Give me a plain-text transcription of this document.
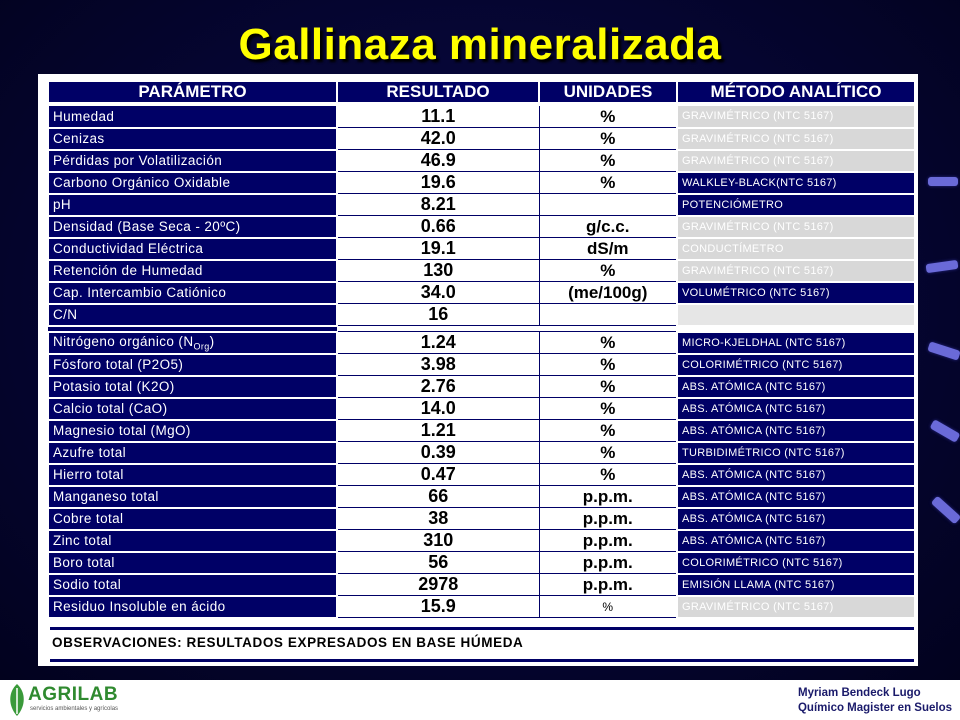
Gallinaza mineralizada
PARÁMETRO	RESULTADO	UNIDADES	MÉTODO ANALÍTICO
Humedad	11.1	%	GRAVIMÉTRICO (NTC 5167)
Cenizas	42.0	%	GRAVIMÉTRICO (NTC 5167)
Pérdidas por Volatilización	46.9	%	GRAVIMÉTRICO (NTC 5167)
Carbono Orgánico Oxidable	19.6	%	WALKLEY-BLACK(NTC 5167)
pH	8.21		POTENCIÓMETRO
Densidad (Base Seca - 20ºC)	0.66	g/c.c.	GRAVIMÉTRICO (NTC 5167)
Conductividad Eléctrica	19.1	dS/m	CONDUCTÍMETRO
Retención de Humedad	130	%	GRAVIMÉTRICO (NTC 5167)
Cap. Intercambio Catiónico	34.0	(me/100g)	VOLUMÉTRICO (NTC 5167)
C/N	16		

Nitrógeno orgánico $(N_{Org})$	1.24	%	MICRO-KJELDHAL (NTC 5167)
Fósforo total (P2O5)	3.98	%	COLORIMÉTRICO (NTC 5167)
Potasio total (K2O)	2.76	%	ABS. ATÓMICA (NTC 5167)
Calcio total (CaO)	14.0	%	ABS. ATÓMICA (NTC 5167)
Magnesio total (MgO)	1.21	%	ABS. ATÓMICA (NTC 5167)
Azufre total	0.39	%	TURBIDIMÉTRICO (NTC 5167)
Hierro total	0.47	%	ABS. ATÓMICA (NTC 5167)
Manganeso total	66	p.p.m.	ABS. ATÓMICA (NTC 5167)
Cobre total	38	p.p.m.	ABS. ATÓMICA (NTC 5167)
Zinc total	310	p.p.m.	ABS. ATÓMICA (NTC 5167)
Boro total	56	p.p.m.	COLORIMÉTRICO (NTC 5167)
Sodio total	2978	p.p.m.	EMISIÓN LLAMA (NTC 5167)
Residuo Insoluble en ácido	15.9	%	GRAVIMÉTRICO (NTC 5167)
OBSERVACIONES: RESULTADOS EXPRESADOS EN BASE HÚMEDA
AGRILAB
servicios ambientales y agrícolas
Myriam Bendeck Lugo
Químico Magister en Suelos
